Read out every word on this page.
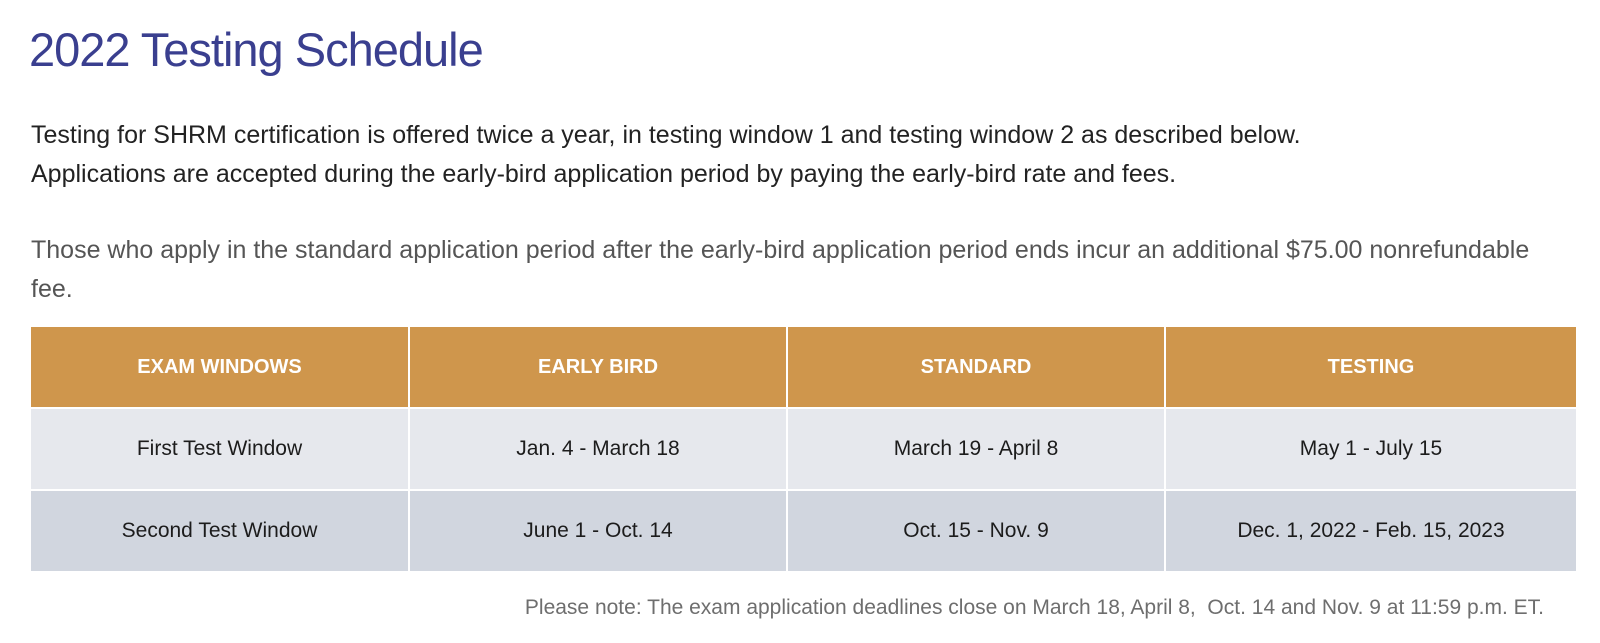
2022 Testing Schedule

Testing for SHRM certification is offered twice a year, in testing window 1 and testing window 2 as described below.

Applications are accepted during the early-bird application period by paying the early-bird rate and fees.

Those who apply in the standard application period after the early-bird application period ends incur an additional $75.00 nonrefundable fee.

EXAM WINDOWS	EARLY BIRD	STANDARD	TESTING
First Test Window	Jan. 4 - March 18	March 19 - April 8	May 1 - July 15
Second Test Window	June 1 - Oct. 14	Oct. 15 - Nov. 9	Dec. 1, 2022 - Feb. 15, 2023

Please note: The exam application deadlines close on March 18, April 8,  Oct. 14 and Nov. 9 at 11:59 p.m. ET.
